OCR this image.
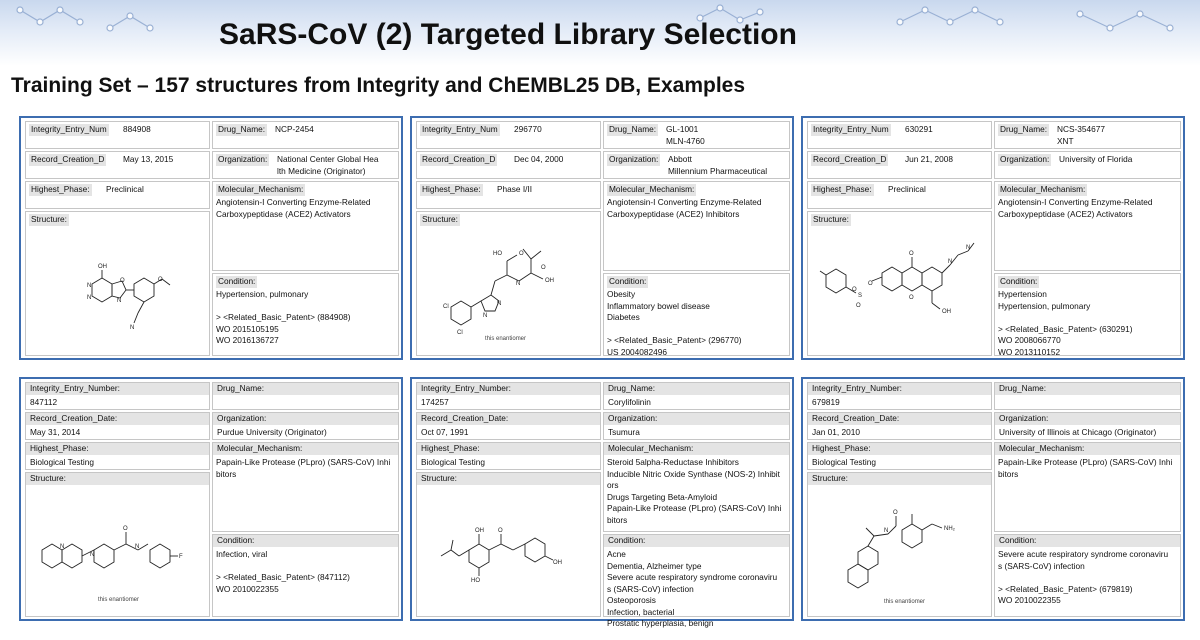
SaRS-CoV (2) Targeted Library Selection
Training Set – 157 structures from Integrity and ChEMBL25 DB, Examples
Integrity_Entry_Num 884908	Drug_Name: NCP-2454
Record_Creation_D May 13, 2015	Organization: National Center Global Hea
lth Medicine (Originator)
Highest_Phase: Preclinical	Molecular_Mechanism:
Angiotensin-I Converting Enzyme-Related
Carboxypeptidase (ACE2) Activators
Structure:
OH
N
N	N
O	O
N
Condition:
Hypertension, pulmonary

> <Related_Basic_Patent> (884908)
WO 2015105195
WO 2016136727
Integrity_Entry_Num 296770	Drug_Name: GL-1001
MLN-4760
Record_Creation_D Dec 04, 2000	Organization: Abbott
Millennium Pharmaceutical
Highest_Phase: Phase I/II	Molecular_Mechanism:
Angiotensin-I Converting Enzyme-Related
Carboxypeptidase (ACE2) Inhibitors
Structure:
HO	O
N	OH
O
Cl
Cl
N
N
this enantiomer
Condition:
Obesity
Inflammatory bowel disease
Diabetes

> <Related_Basic_Patent> (296770)
US 2004082496
Integrity_Entry_Num 630291	Drug_Name: NCS-354677
XNT
Record_Creation_D Jun 21, 2008	Organization: University of Florida
Highest_Phase: Preclinical	Molecular_Mechanism:
Angiotensin-I Converting Enzyme-Related
Carboxypeptidase (ACE2) Activators
Structure:
O
S
O
O
O
O
N
N
OH
Condition:
Hypertension
Hypertension, pulmonary

> <Related_Basic_Patent> (630291)
WO 2008066770
WO 2013110152
Integrity_Entry_Number:
847112
Drug_Name:
Record_Creation_Date:
May 31, 2014
Organization:
Purdue University (Originator)
Highest_Phase:
Biological Testing
Molecular_Mechanism:
Papain-Like Protease (PLpro) (SARS-CoV) Inhi
bitors
Structure:
O
N
N
N
F
this enantiomer
Condition:
Infection, viral

> <Related_Basic_Patent> (847112)
WO 2010022355
Integrity_Entry_Number:
174257
Drug_Name:
Corylifolinin
Record_Creation_Date:
Oct 07, 1991
Organization:
Tsumura
Highest_Phase:
Biological Testing
Molecular_Mechanism:
Steroid 5alpha-Reductase Inhibitors
Inducible Nitric Oxide Synthase (NOS-2) Inhibit
ors
Drugs Targeting Beta-Amyloid
Papain-Like Protease (PLpro) (SARS-CoV) Inhi
bitors
Structure:
OH O
HO
OH
Condition:
Acne
Dementia, Alzheimer type
Severe acute respiratory syndrome coronaviru
s (SARS-CoV) infection
Osteoporosis
Infection, bacterial
Prostatic hyperplasia, benign
Integrity_Entry_Number:
679819
Drug_Name:
Record_Creation_Date:
Jan 01, 2010
Organization:
University of Illinois at Chicago (Originator)
Highest_Phase:
Biological Testing
Molecular_Mechanism:
Papain-Like Protease (PLpro) (SARS-CoV) Inhi
bitors
Structure:
O
N	NH₂
this enantiomer
Condition:
Severe acute respiratory syndrome coronaviru
s (SARS-CoV) infection

> <Related_Basic_Patent> (679819)
WO 2010022355
